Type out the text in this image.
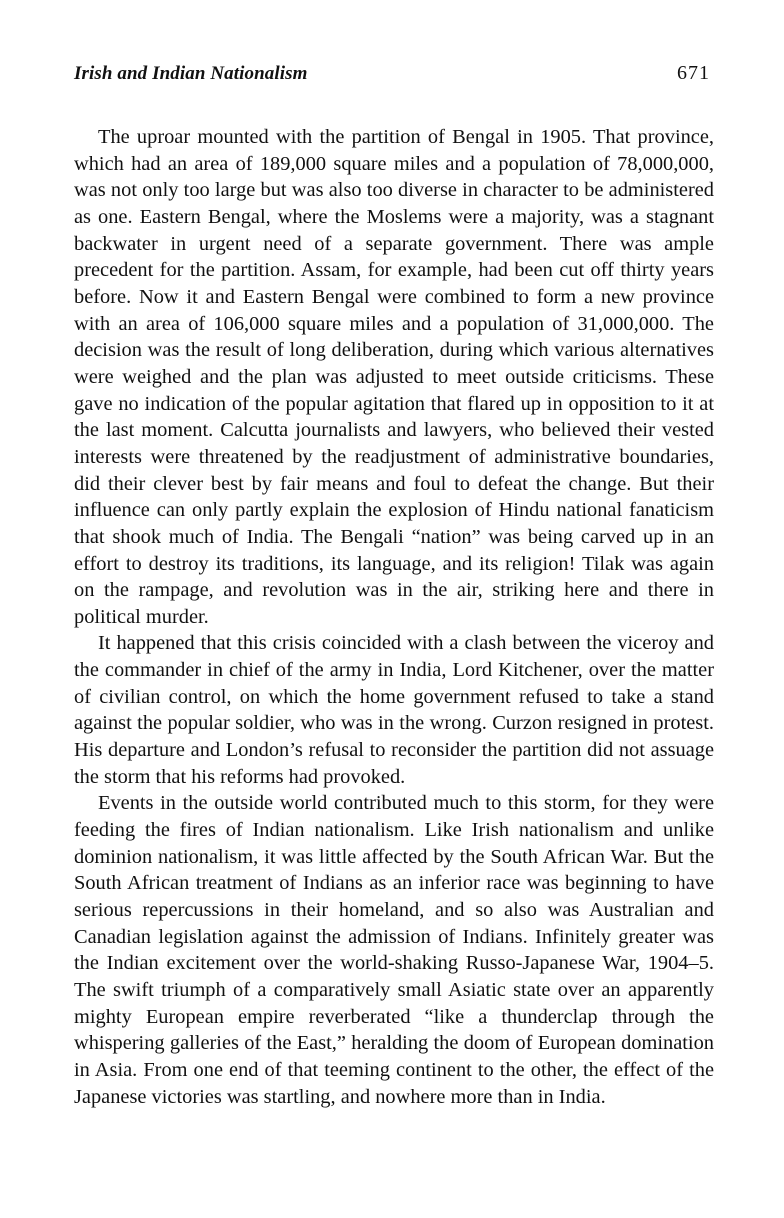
Irish and Indian Nationalism	671

The uproar mounted with the partition of Bengal in 1905. That province, which had an area of 189,000 square miles and a population of 78,000,000, was not only too large but was also too diverse in character to be administered as one. Eastern Bengal, where the Moslems were a majority, was a stagnant backwater in urgent need of a separate government. There was ample precedent for the partition. Assam, for example, had been cut off thirty years before. Now it and Eastern Bengal were combined to form a new province with an area of 106,000 square miles and a population of 31,000,000. The decision was the result of long deliberation, during which various alternatives were weighed and the plan was adjusted to meet outside criticisms. These gave no indication of the popular agitation that flared up in opposition to it at the last moment. Calcutta journalists and lawyers, who believed their vested interests were threatened by the readjustment of administrative boundaries, did their clever best by fair means and foul to defeat the change. But their influence can only partly explain the explosion of Hindu national fanaticism that shook much of India. The Bengali “nation” was being carved up in an effort to destroy its traditions, its language, and its religion! Tilak was again on the rampage, and revolution was in the air, striking here and there in political murder.

It happened that this crisis coincided with a clash between the viceroy and the commander in chief of the army in India, Lord Kitchener, over the matter of civilian control, on which the home government refused to take a stand against the popular soldier, who was in the wrong. Curzon resigned in protest. His departure and London’s refusal to reconsider the partition did not assuage the storm that his reforms had provoked.

Events in the outside world contributed much to this storm, for they were feeding the fires of Indian nationalism. Like Irish nationalism and unlike dominion nationalism, it was little affected by the South African War. But the South African treatment of Indians as an inferior race was beginning to have serious repercussions in their homeland, and so also was Australian and Canadian legislation against the admission of Indians. Infinitely greater was the Indian excitement over the world-shaking Russo-Japanese War, 1904–5. The swift triumph of a comparatively small Asiatic state over an apparently mighty European empire reverberated “like a thunderclap through the whispering galleries of the East,” heralding the doom of European domination in Asia. From one end of that teeming continent to the other, the effect of the Japanese victories was startling, and nowhere more than in India.
